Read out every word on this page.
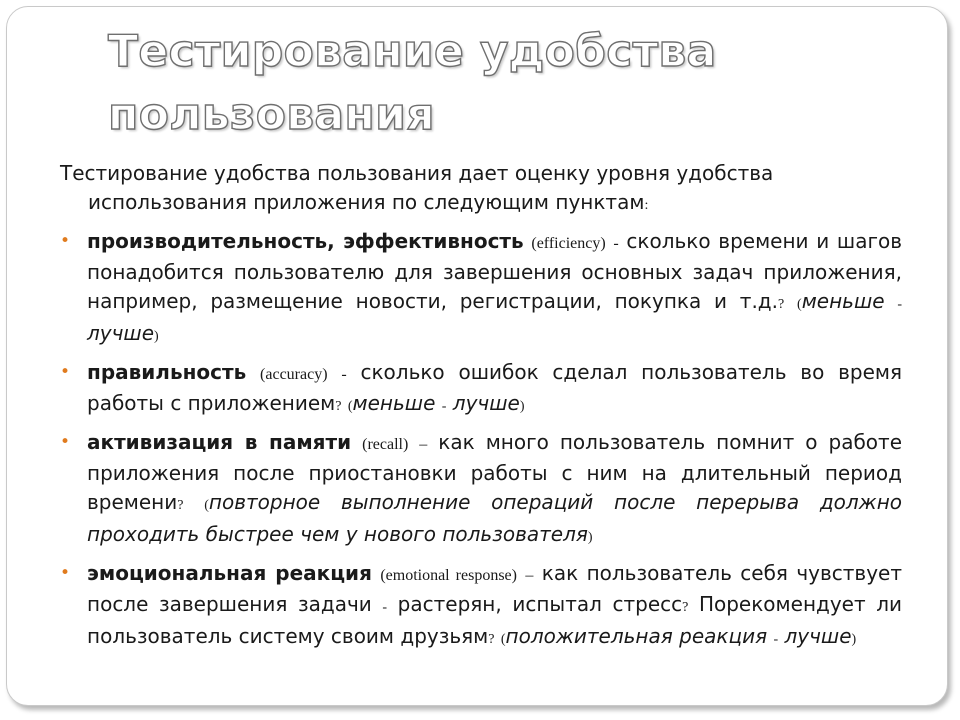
Тестирование удобства пользования

Тестирование удобства пользования дает оценку уровня удобства использования приложения по следующим пунктам:

• производительность, эффективность (efficiency) - сколько времени и шагов понадобится пользователю для завершения основных задач приложения, например, размещение новости, регистрации, покупка и т.д.? (меньше - лучше)
• правильность (accuracy) - сколько ошибок сделал пользователь во время работы с приложением? (меньше - лучше)
• активизация в памяти (recall) – как много пользователь помнит о работе приложения после приостановки работы с ним на длительный период времени? (повторное выполнение операций после перерыва должно проходить быстрее чем у нового пользователя)
• эмоциональная реакция (emotional response) – как пользователь себя чувствует после завершения задачи - растерян, испытал стресс? Порекомендует ли пользователь систему своим друзьям? (положительная реакция - лучше)
